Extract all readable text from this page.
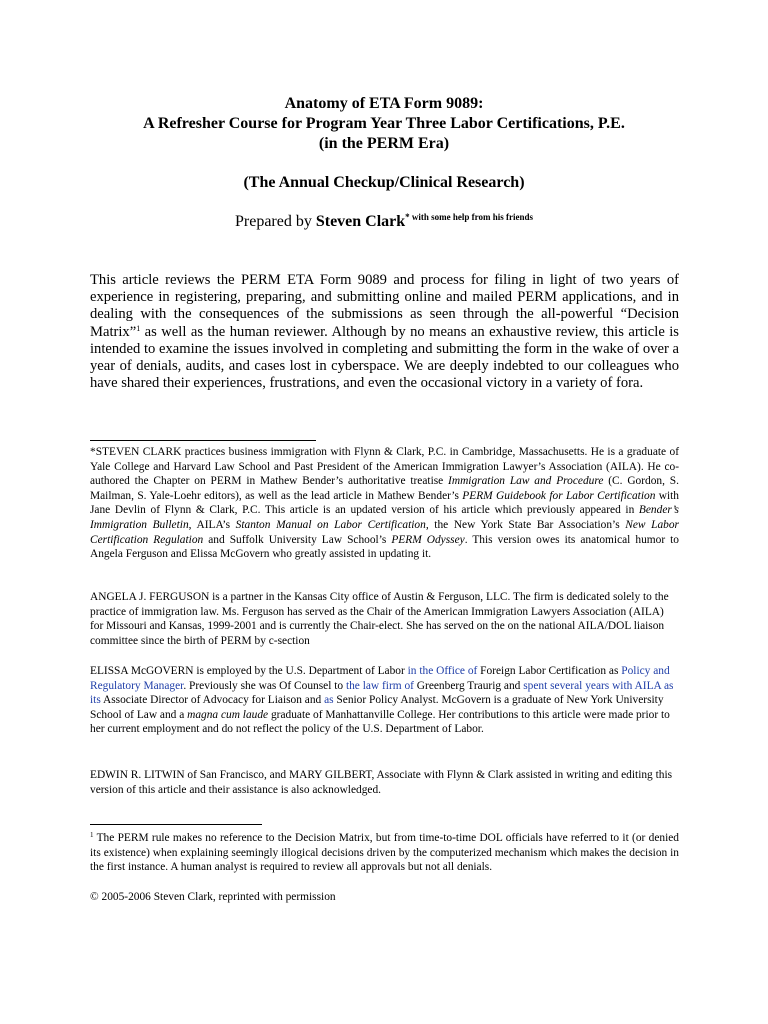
Anatomy of ETA Form 9089:
A Refresher Course for Program Year Three Labor Certifications, P.E.
(in the PERM Era)
(The Annual Checkup/Clinical Research)
Prepared by Steven Clark$^{* with some help from his friends}$

This article reviews the PERM ETA Form 9089 and process for filing in light of two years of experience in registering, preparing, and submitting online and mailed PERM applications, and in dealing with the consequences of the submissions as seen through the all-powerful “Decision Matrix”$^1$ as well as the human reviewer. Although by no means an exhaustive review, this article is intended to examine the issues involved in completing and submitting the form in the wake of over a year of denials, audits, and cases lost in cyberspace. We are deeply indebted to our colleagues who have shared their experiences, frustrations, and even the occasional victory in a variety of fora.

*STEVEN CLARK practices business immigration with Flynn & Clark, P.C. in Cambridge, Massachusetts. He is a graduate of Yale College and Harvard Law School and Past President of the American Immigration Lawyer’s Association (AILA). He co-authored the Chapter on PERM in Mathew Bender’s authoritative treatise Immigration Law and Procedure (C. Gordon, S. Mailman, S. Yale-Loehr editors), as well as the lead article in Mathew Bender’s PERM Guidebook for Labor Certification with Jane Devlin of Flynn & Clark, P.C. This article is an updated version of his article which previously appeared in Bender’s Immigration Bulletin, AILA’s Stanton Manual on Labor Certification, the New York State Bar Association’s New Labor Certification Regulation and Suffolk University Law School’s PERM Odyssey. This version owes its anatomical humor to Angela Ferguson and Elissa McGovern who greatly assisted in updating it.

ANGELA J. FERGUSON is a partner in the Kansas City office of Austin & Ferguson, LLC. The firm is dedicated solely to the practice of immigration law. Ms. Ferguson has served as the Chair of the American Immigration Lawyers Association (AILA) for Missouri and Kansas, 1999-2001 and is currently the Chair-elect. She has served on the on the national AILA/DOL liaison committee since the birth of PERM by c-section

ELISSA McGOVERN is employed by the U.S. Department of Labor in the Office of Foreign Labor Certification as Policy and Regulatory Manager. Previously she was Of Counsel to the law firm of Greenberg Traurig and spent several years with AILA as its Associate Director of Advocacy for Liaison and as Senior Policy Analyst. McGovern is a graduate of New York University School of Law and a magna cum laude graduate of Manhattanville College. Her contributions to this article were made prior to her current employment and do not reflect the policy of the U.S. Department of Labor.

EDWIN R. LITWIN of San Francisco, and MARY GILBERT, Associate with Flynn & Clark assisted in writing and editing this version of this article and their assistance is also acknowledged.

$^1$ The PERM rule makes no reference to the Decision Matrix, but from time-to-time DOL officials have referred to it (or denied its existence) when explaining seemingly illogical decisions driven by the computerized mechanism which makes the decision in the first instance. A human analyst is required to review all approvals but not all denials.

© 2005-2006 Steven Clark, reprinted with permission
